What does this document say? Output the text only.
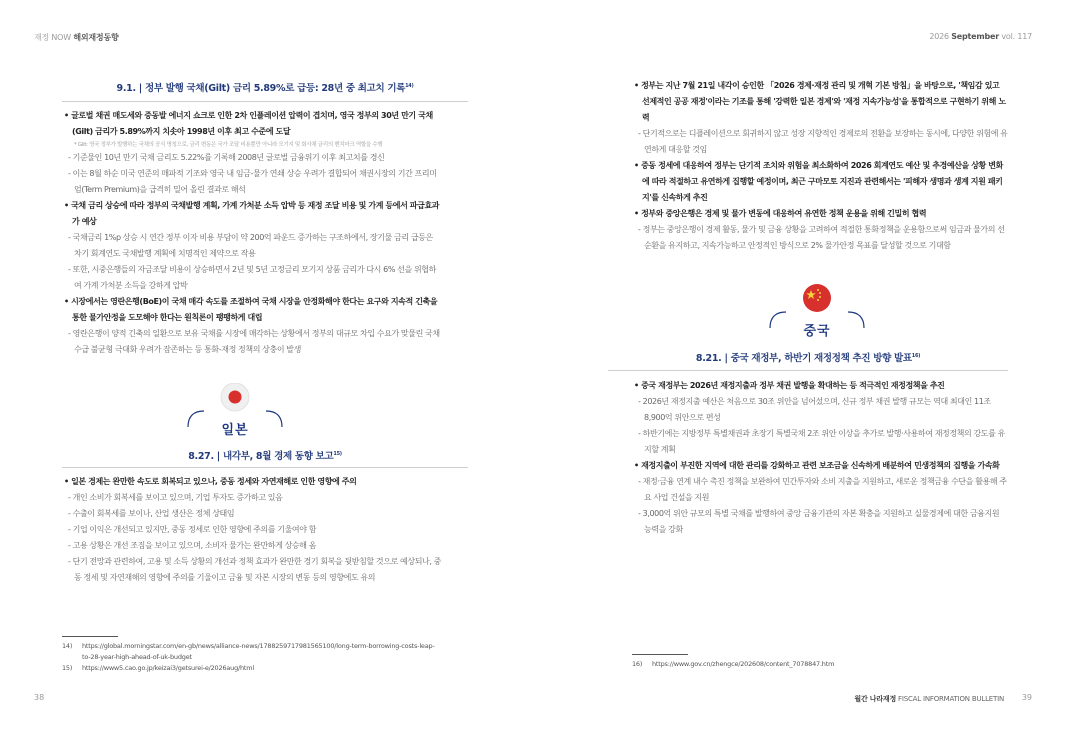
재정 NOW 해외재정동향	2026 September vol. 117
9.1. | 정부 발행 국채(Gilt) 금리 5.89%로 급등: 28년 중 최고치 기록$^{14)}$

• 글로벌 채권 매도세와 중동발 에너지 쇼크로 인한 2차 인플레이션 압력이 겹치며, 영국 정부의 30년 만기 국채(Gilt) 금리가 5.89%까지 치솟아 1998년 이후 최고 수준에 도달

* Gilt: 영국 정부가 발행하는 국채의 공식 명칭으로, 금리 변동은 국가 조달 비용뿐만 아니라 모기지 및 회사채 금리의 벤치마크 역할을 수행

- 기준물인 10년 만기 국채 금리도 5.22%를 기록해 2008년 글로벌 금융위기 이후 최고치를 경신

- 이는 8월 하순 미국 연준의 매파적 기조와 영국 내 임금-물가 연쇄 상승 우려가 결합되어 채권시장의 기간 프리미엄(Term Premium)을 급격히 밀어 올린 결과로 해석

• 국채 금리 상승에 따라 정부의 국채발행 계획, 가계 가처분 소득 압박 등 재정 조달 비용 및 가계 등에서 파급효과가 예상

- 국채금리 1%p 상승 시 연간 정부 이자 비용 부담이 약 200억 파운드 증가하는 구조하에서, 장기물 금리 급등은 차기 회계연도 국채발행 계획에 치명적인 제약으로 작용

- 또한, 시중은행들의 자금조달 비용이 상승하면서 2년 및 5년 고정금리 모기지 상품 금리가 다시 6% 선을 위협하여 가계 가처분 소득을 강하게 압박

• 시장에서는 영란은행(BoE)이 국채 매각 속도를 조절하여 국채 시장을 안정화해야 한다는 요구와 지속적 긴축을 통한 물가안정을 도모해야 한다는 원칙론이 팽팽하게 대립

- 영란은행이 양적 긴축의 일환으로 보유 국채를 시장에 매각하는 상황에서 정부의 대규모 차입 수요가 맞물린 국채 수급 불균형 극대화 우려가 잠존하는 등 통화-재정 정책의 상충이 발생

일본
8.27. | 내각부, 8월 경제 동향 보고$^{15)}$

• 일본 경제는 완만한 속도로 회복되고 있으나, 중동 정세와 자연재해로 인한 영향에 주의

- 개인 소비가 회복세를 보이고 있으며, 기업 투자도 증가하고 있음

- 수출이 회복세를 보이나, 산업 생산은 정체 상태임

- 기업 이익은 개선되고 있지만, 중동 정세로 인한 영향에 주의를 기울여야 함

- 고용 상황은 개선 조짐을 보이고 있으며, 소비자 물가는 완만하게 상승해 옴

- 단기 전망과 관련하여, 고용 및 소득 상황의 개선과 정책 효과가 완만한 경기 회복을 뒷받침할 것으로 예상되나, 중동 정세 및 자연재해의 영향에 주의를 기울이고 금융 및 자본 시장의 변동 등의 영향에도 유의

14) https://global.morningstar.com/en-gb/news/alliance-news/1788259717981565100/long-term-borrowing-costs-leap-
to-28-year-high-ahead-of-uk-budget
15) https://www5.cao.go.jp/keizai3/getsurei-e/2026aug/html
38

• 정부는 지난 7월 21일 내각이 승인한 「2026 경제·재정 관리 및 개혁 기본 방침」을 바탕으로, '책임감 있고 선제적인 공공 재정'이라는 기조를 통해 '강력한 일본 경제'와 '재정 지속가능성'을 통합적으로 구현하기 위해 노력

- 단기적으로는 디플레이션으로 회귀하지 않고 성장 지향적인 경제로의 전환을 보장하는 동시에, 다양한 위험에 유연하게 대응할 것임

• 중동 정세에 대응하여 정부는 단기적 조치와 위험을 최소화하여 2026 회계연도 예산 및 추경예산을 상황 변화에 따라 적절하고 유연하게 집행할 예정이며, 최근 구마모토 지진과 관련해서는 '피해자 생명과 생계 지원 패키지'를 신속하게 추진

• 정부와 중앙은행은 경제 및 물가 변동에 대응하여 유연한 정책 운용을 위해 긴밀히 협력

- 정부는 중앙은행이 경제 활동, 물가 및 금융 상황을 고려하여 적절한 통화정책을 운용함으로써 임금과 물가의 선순환을 유지하고, 지속가능하고 안정적인 방식으로 2% 물가안정 목표를 달성할 것으로 기대함

중국
8.21. | 중국 재정부, 하반기 재정정책 추진 방향 발표$^{16)}$

• 중국 재정부는 2026년 재정지출과 정부 채권 발행을 확대하는 등 적극적인 재정정책을 추진

- 2026년 재정지출 예산은 처음으로 30조 위안을 넘어섰으며, 신규 정부 채권 발행 규모는 역대 최대인 11조 8,900억 위안으로 편성

- 하반기에는 지방정부 특별채권과 초장기 특별국채 2조 위안 이상을 추가로 발행·사용하여 재정정책의 강도를 유지할 계획

• 재정지출이 부진한 지역에 대한 관리를 강화하고 관련 보조금을 신속하게 배분하여 민생정책의 집행을 가속화

- 재정·금융 연계 내수 촉진 정책을 보완하여 민간투자와 소비 지출을 지원하고, 새로운 정책금융 수단을 활용해 주요 사업 건설을 지원

- 3,000억 위안 규모의 특별 국채를 발행하여 중앙 금융기관의 자본 확충을 지원하고 실물경제에 대한 금융지원 능력을 강화

16) https://www.gov.cn/zhengce/202608/content_7078847.htm
월간 나라재정 FISCAL INFORMATION BULLETIN 39
